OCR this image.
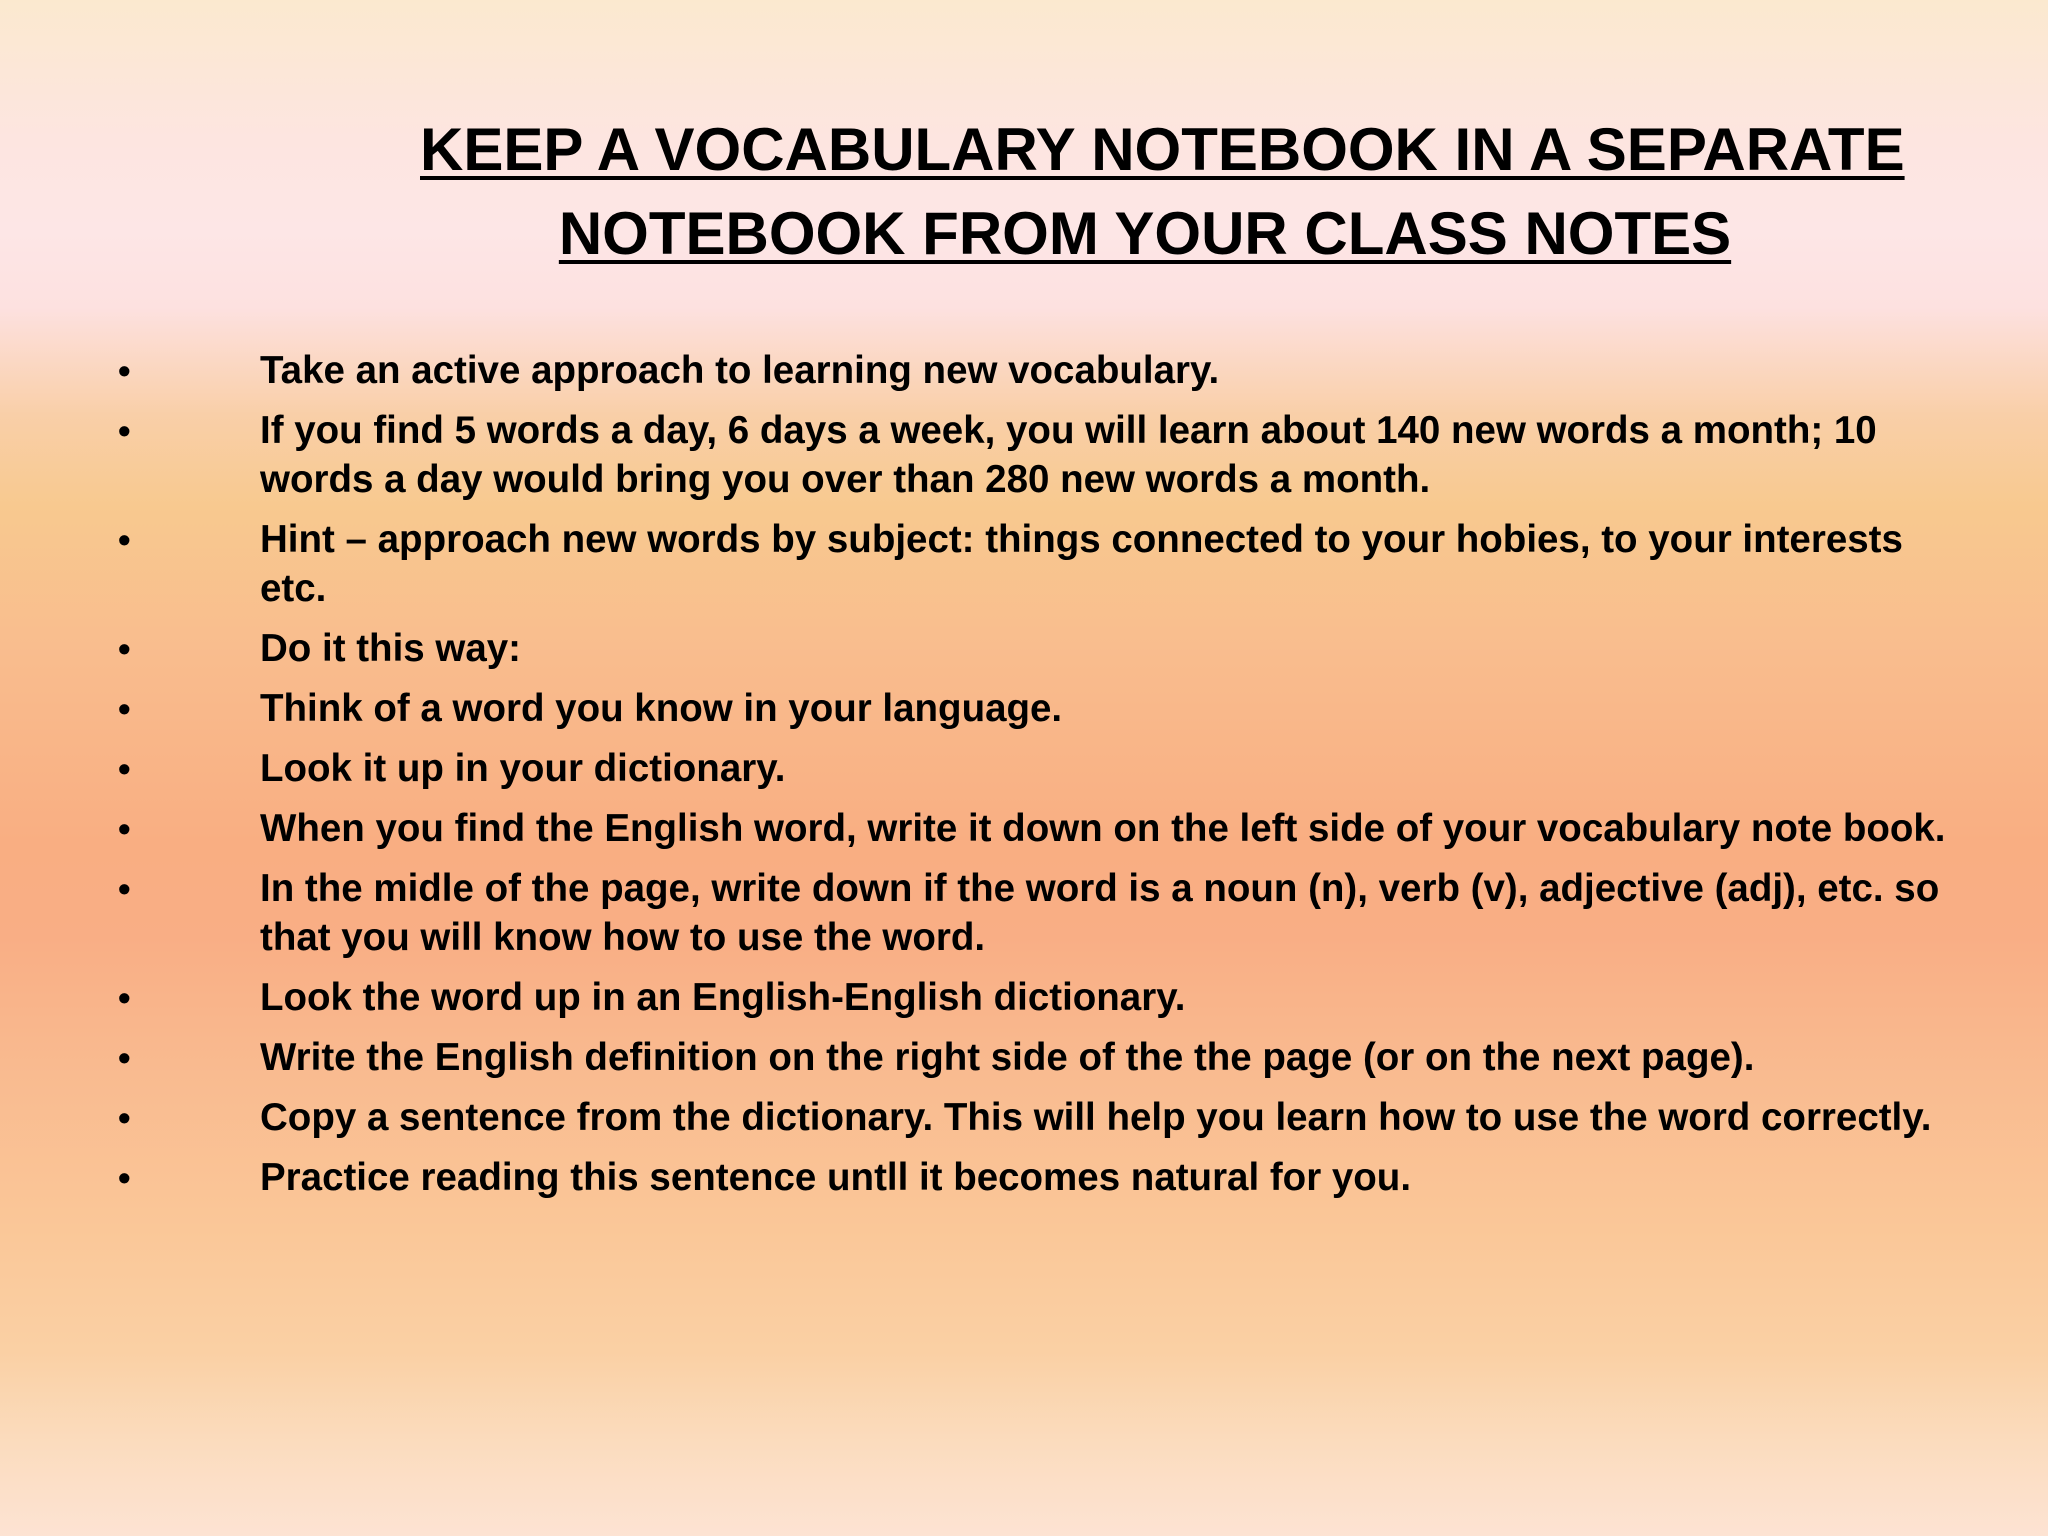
KEEP A VOCABULARY NOTEBOOK IN A SEPARATE
NOTEBOOK FROM YOUR CLASS NOTES
•	Take an active approach to learning new vocabulary.
•	If you find 5 words a day, 6 days a week, you will learn about 140 new words a month; 10 words a day would bring you over than 280 new words a month.
•	Hint – approach new words by subject: things connected to your hobies, to your interests etc.
•	Do it this way:
•	Think of a word you know in your language.
•	Look it up in your dictionary.
•	When you find the English word, write it down on the left side of your vocabulary note book.
•	In the midle of the page, write down if the word is a noun (n), verb (v), adjective (adj), etc. so that you will know how to use the word.
•	Look the word up in an English-English dictionary.
•	Write the English definition on the right side of the the page (or on the next page).
•	Copy a sentence from the dictionary. This will help you learn how to use the word correctly.
•	Practice reading this sentence untll it becomes natural for you.
